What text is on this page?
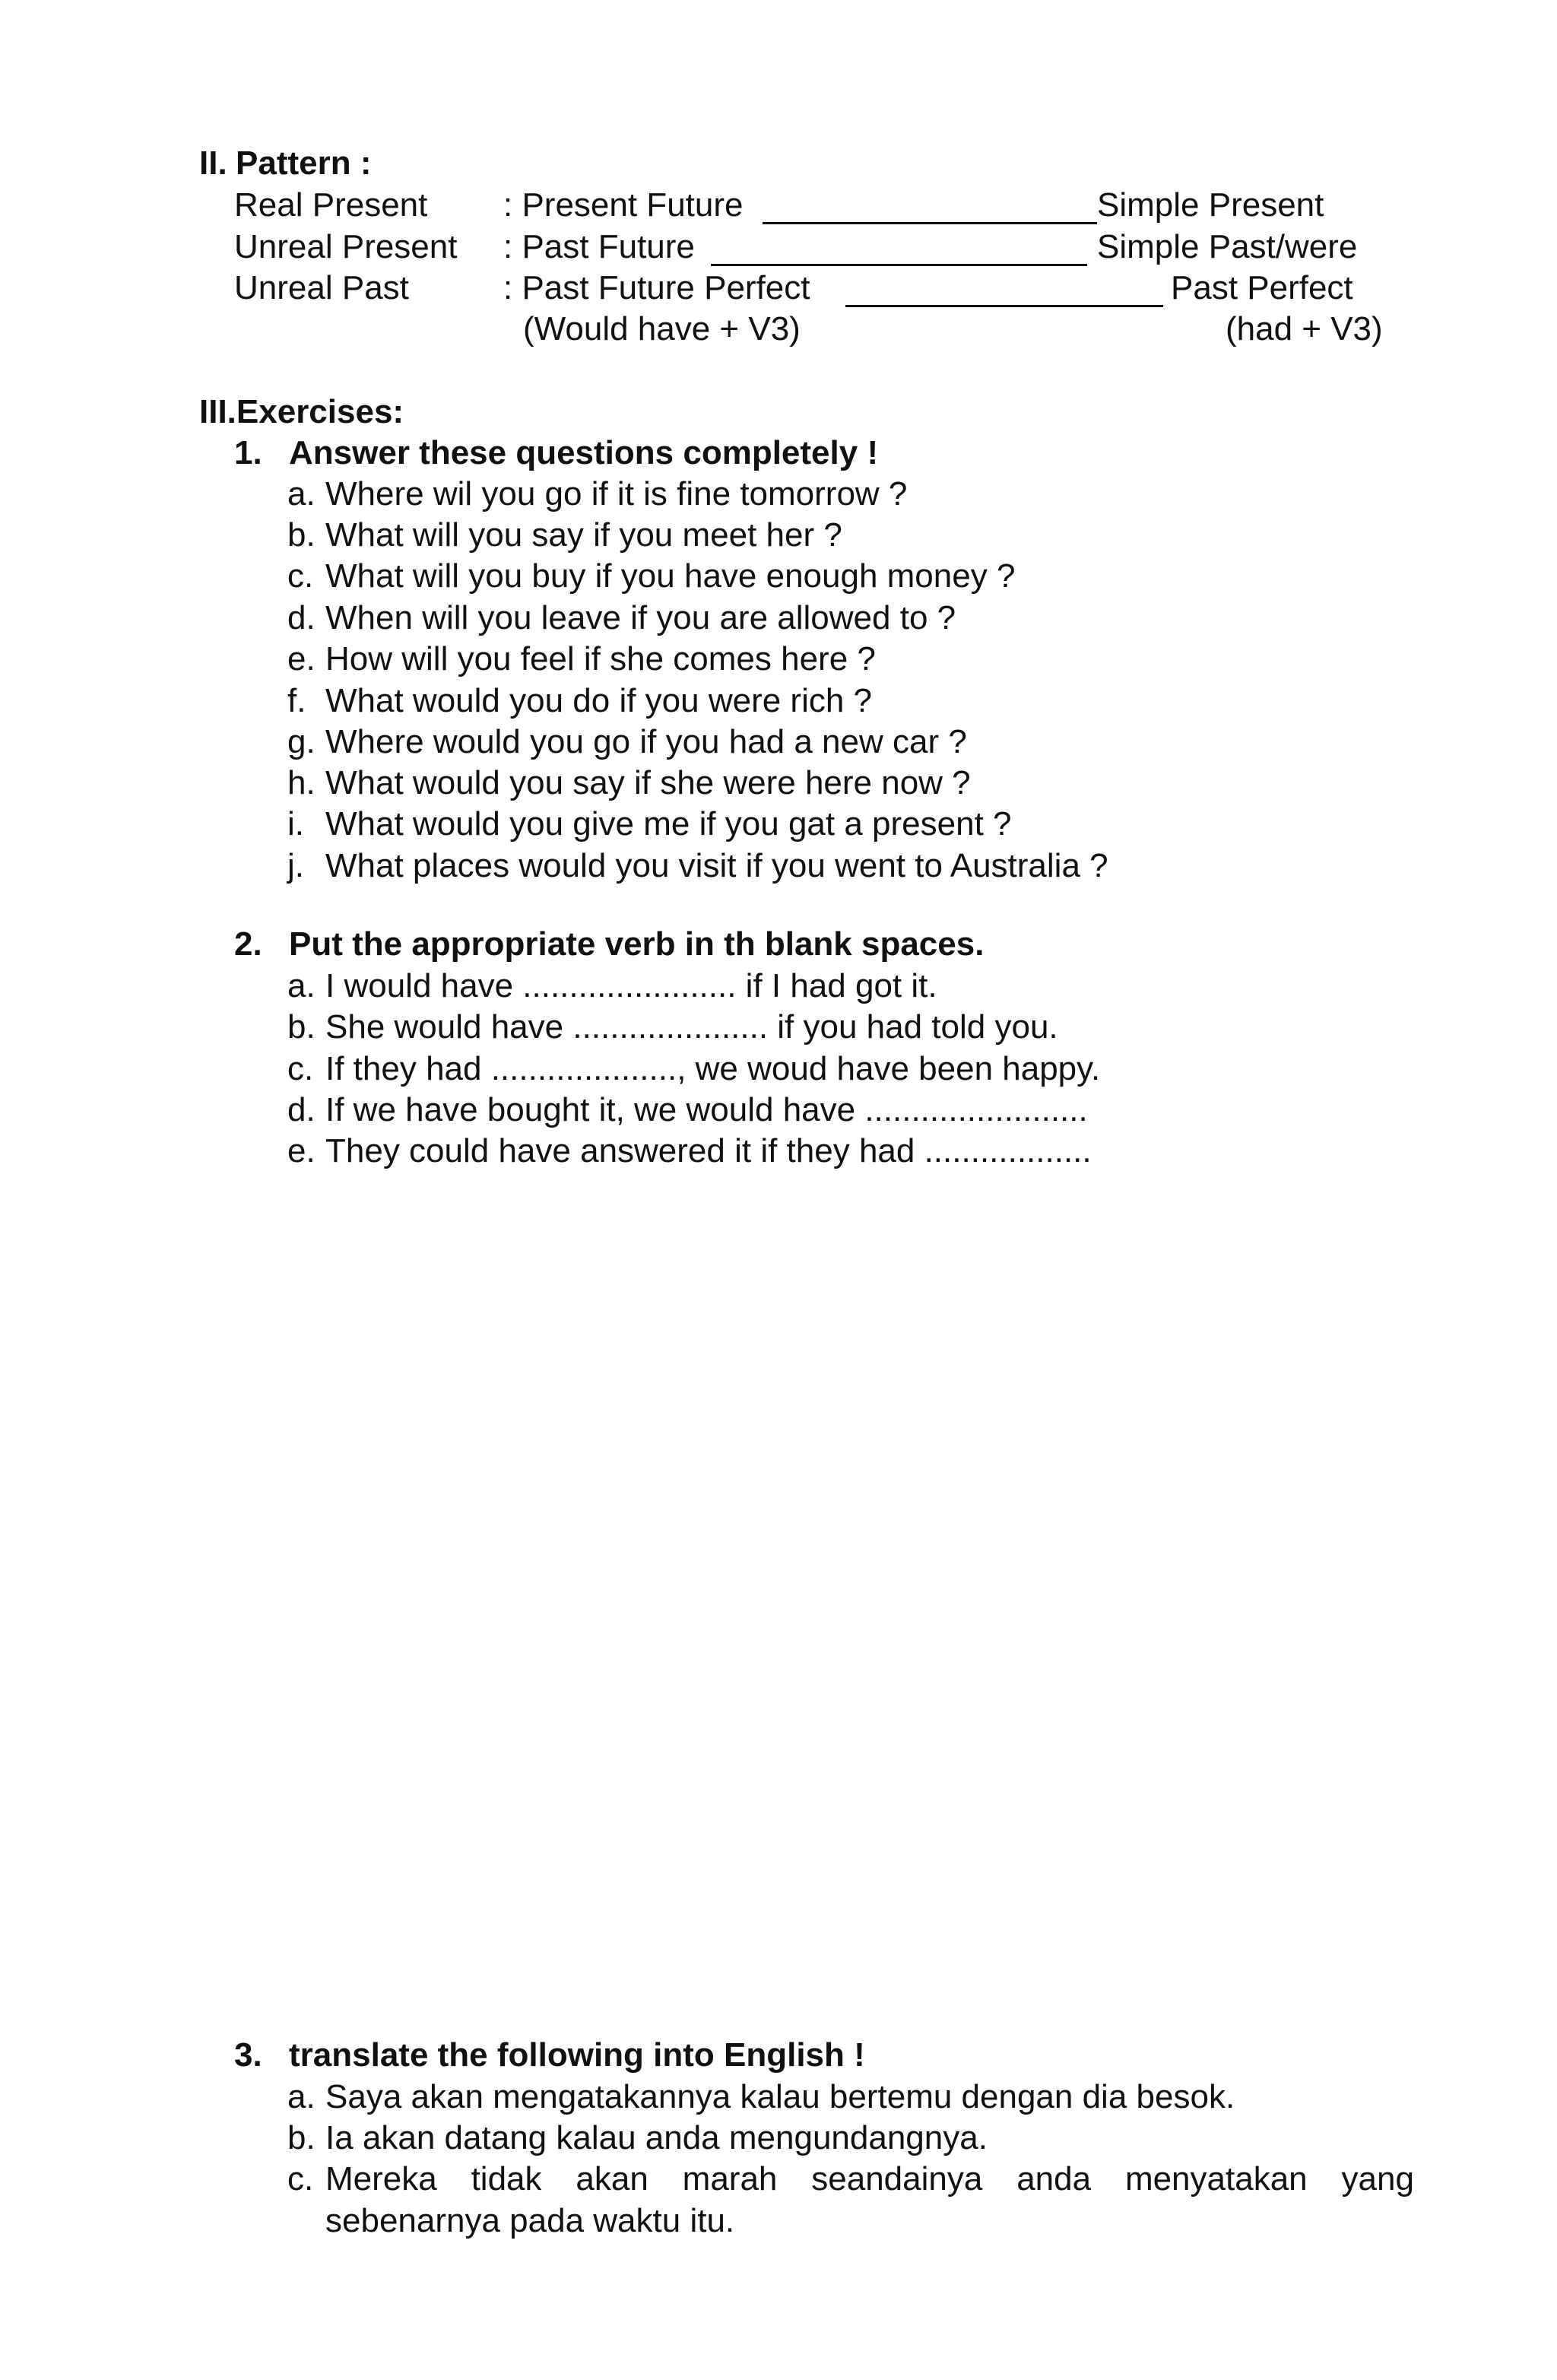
II. Pattern :
Real Present : Present Future	Simple Present
Unreal Present : Past Future	Simple Past/were
Unreal Past	: Past Future Perfect	Past Perfect
(Would have + V3)	(had + V3)
III.Exercises:
1. Answer these questions completely !
a. Where wil you go if it is fine tomorrow ?
b. What will you say if you meet her ?
c. What will you buy if you have enough money ?
d. When will you leave if you are allowed to ?
e. How will you feel if she comes here ?
f. What would you do if you were rich ?
g. Where would you go if you had a new car ?
h. What would you say if she were here now ?
i. What would you give me if you gat a present ?
j. What places would you visit if you went to Australia ?
2. Put the appropriate verb in th blank spaces.
a. I would have ....................... if I had got it.
b. She would have ..................... if you had told you.
c. If they had ...................., we woud have been happy.
d. If we have bought it, we would have ........................
e. They could have answered it if they had ..................
3. translate the following into English !
a. Saya akan mengatakannya kalau bertemu dengan dia besok.
b. Ia akan datang kalau anda mengundangnya.
c. Mereka tidak akan marah seandainya anda menyatakan yang
sebenarnya pada waktu itu.
